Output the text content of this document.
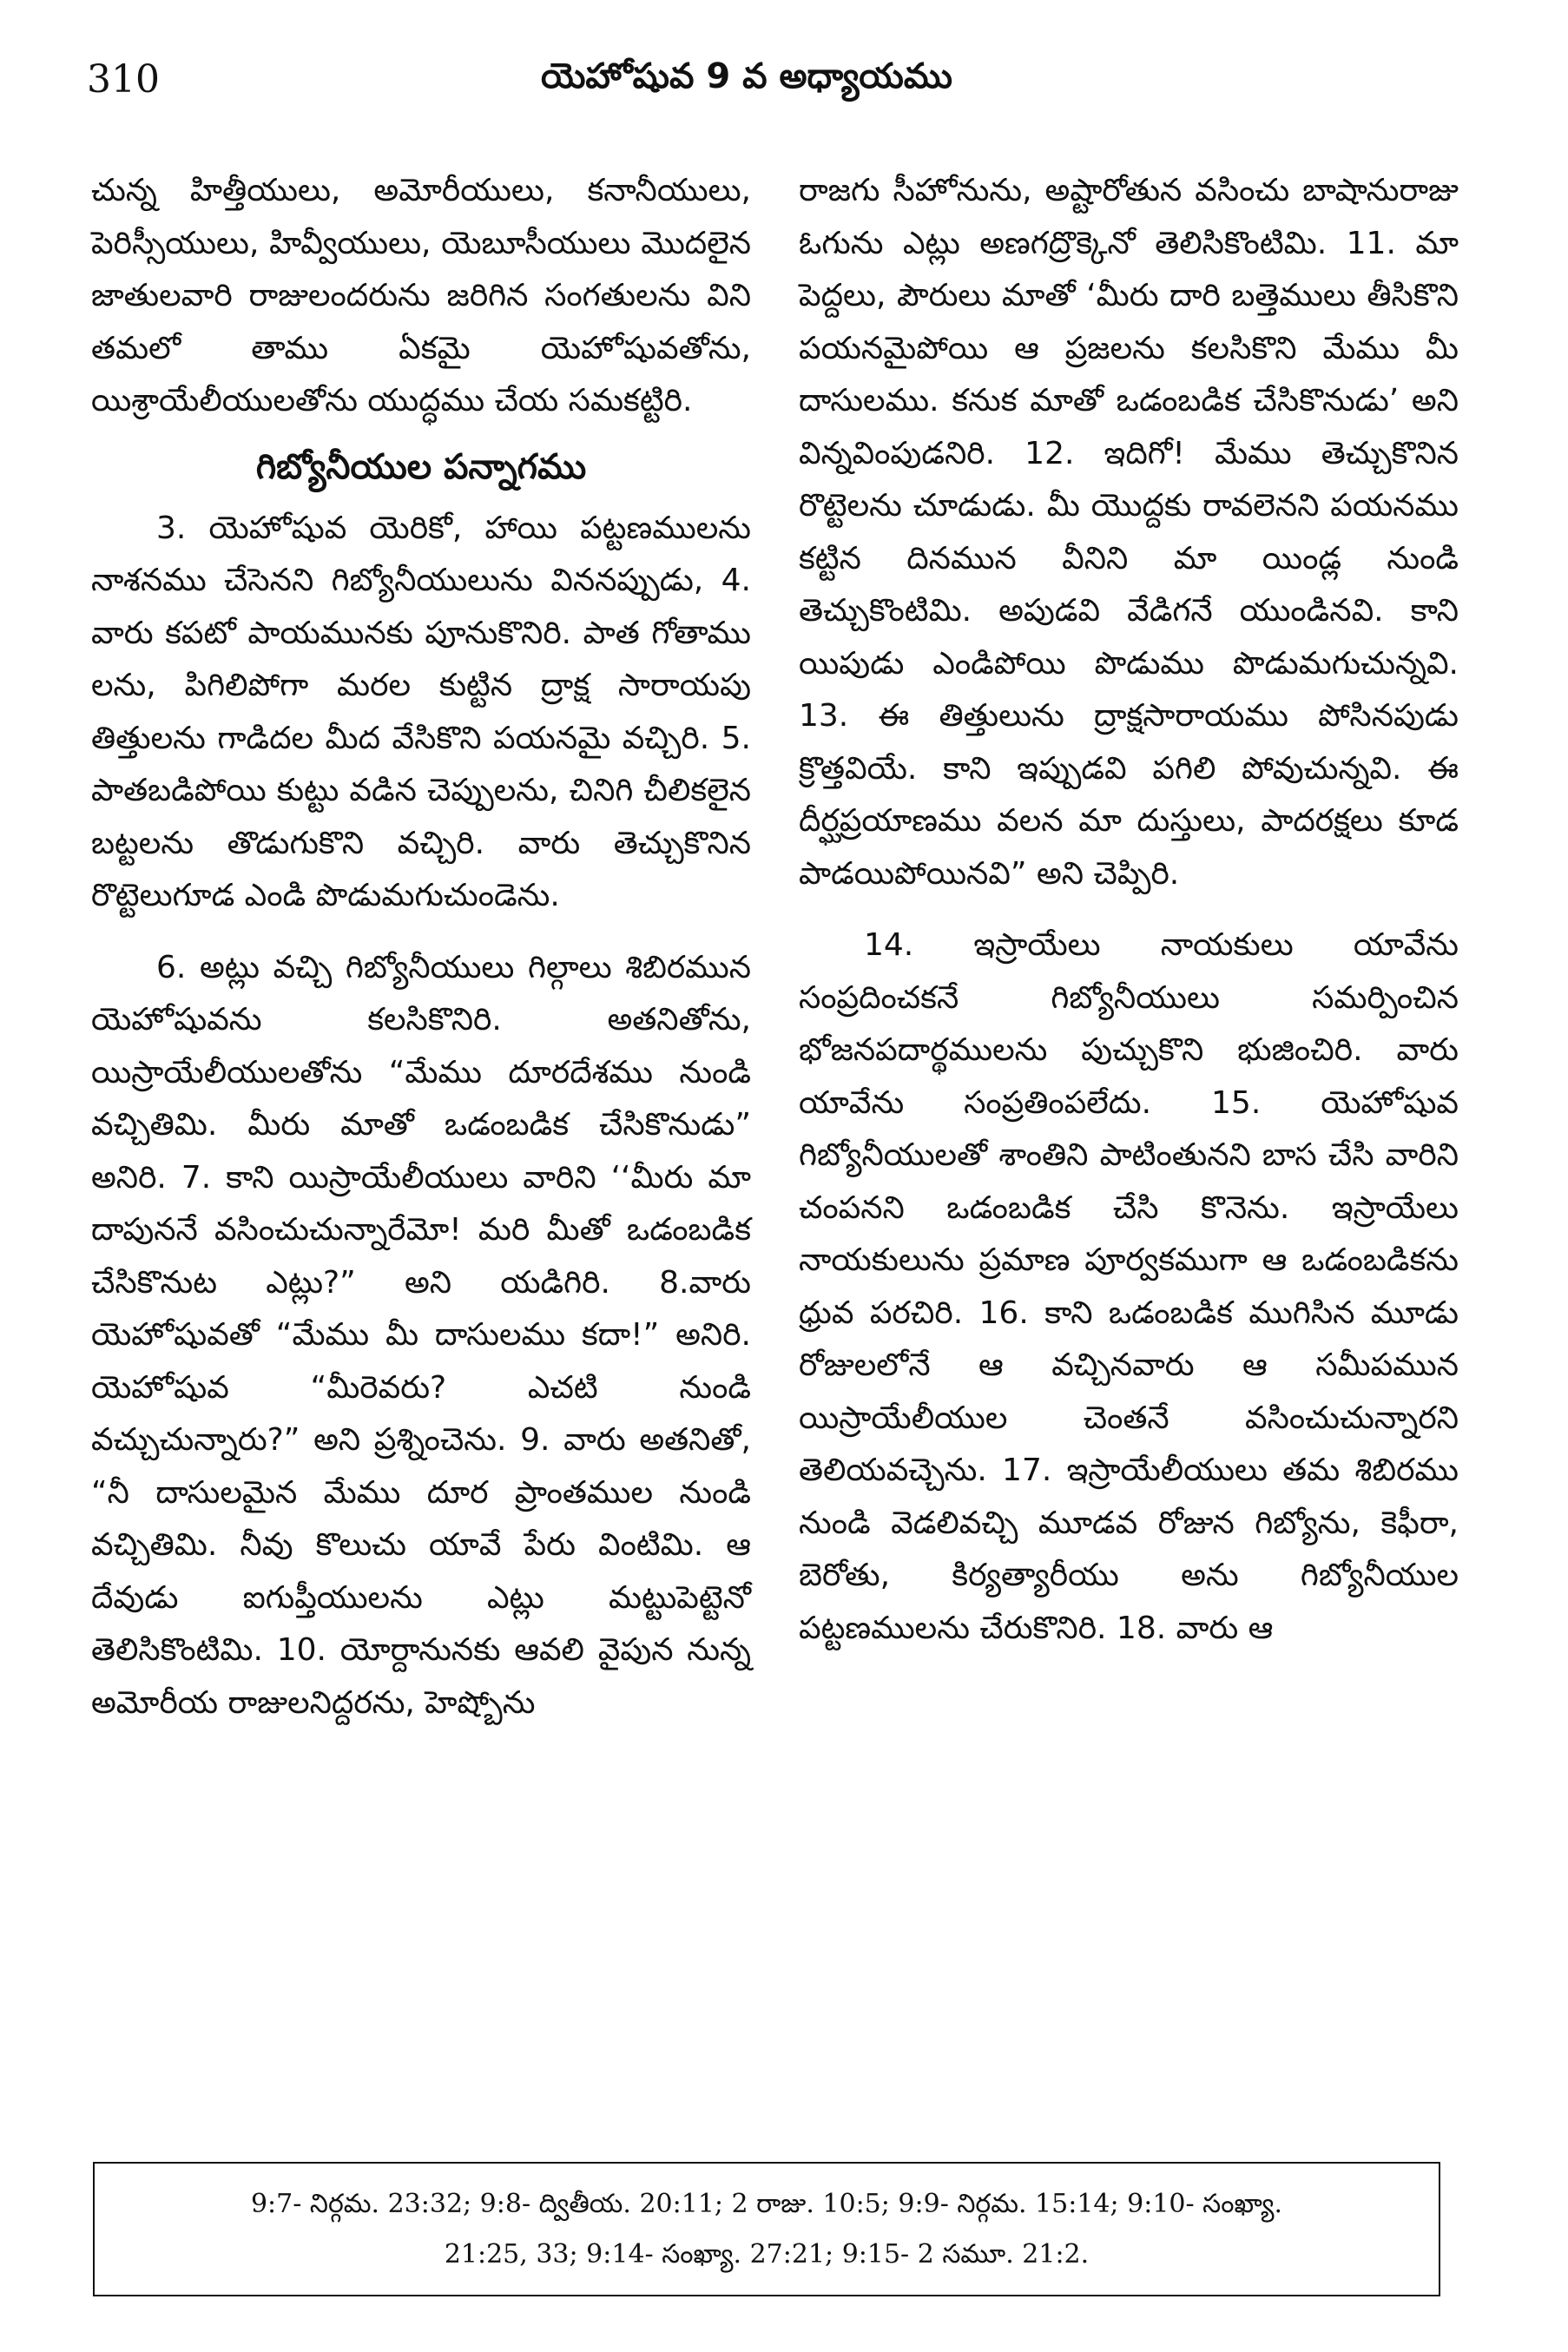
310	యెహోషువ 9 వ అధ్యాయము

చున్న హిత్తీయులు, అమోరీయులు, కనానీయులు, పెరిస్సీయులు, హివ్వీయులు, యెబూసీయులు మొదలైన జాతులవారి రాజులందరును జరిగిన సంగతులను విని తమలో తాము ఏకమై యెహోషువతోను, యిశ్రాయేలీయులతోను యుద్ధము చేయ సమకట్టిరి.

గిబ్యోనీయుల పన్నాగము

3. యెహోషువ యెరికో, హాయి పట్టణములను నాశనము చేసెనని గిబ్యోనీయులును విననప్పుడు, 4. వారు కపటో పాయమునకు పూనుకొనిరి. పాత గోతాము లను, పిగిలిపోగా మరల కుట్టిన ద్రాక్ష సారాయపు తిత్తులను గాడిదల మీద వేసికొని పయనమై వచ్చిరి. 5. పాతబడిపోయి కుట్టు వడిన చెప్పులను, చినిగి చీలికలైన బట్టలను తొడుగుకొని వచ్చిరి. వారు తెచ్చుకొనిన రొట్టెలుగూడ ఎండి పొడుమగుచుండెను.

6. అట్లు వచ్చి గిబ్యోనీయులు గిల్గాలు శిబిరమున యెహోషువను కలసికొనిరి. అతనితోను, యిస్రాయేలీయులతోను “మేము దూరదేశము నుండి వచ్చితిమి. మీరు మాతో ఒడంబడిక చేసికొనుడు” అనిరి. 7. కాని యిస్రాయేలీయులు వారిని ‘‘మీరు మా దాపుననే వసించుచున్నారేమో! మరి మీతో ఒడంబడిక చేసికొనుట ఎట్లు?” అని యడిగిరి. 8.వారు యెహోషువతో “మేము మీ దాసులము కదా!” అనిరి. యెహోషువ “మీరెవరు? ఎచటి నుండి వచ్చుచున్నారు?” అని ప్రశ్నించెను. 9. వారు అతనితో, “నీ దాసులమైన మేము దూర ప్రాంతముల నుండి వచ్చితిమి. నీవు కొలుచు యావే పేరు వింటిమి. ఆ దేవుడు ఐగుప్తీయులను ఎట్లు మట్టుపెట్టెనో తెలిసికొంటిమి. 10. యోర్దానునకు ఆవలి వైపున నున్న అమోరీయ రాజులనిద్దరను, హెష్బోను

రాజగు సీహోనును, అష్టారోతున వసించు బాషానురాజు ఓగును ఎట్లు అణగద్రొక్కెనో తెలిసికొంటిమి. 11. మా పెద్దలు, పౌరులు మాతో ‘మీరు దారి బత్తెములు తీసికొని పయనమైపోయి ఆ ప్రజలను కలసికొని మేము మీ దాసులము. కనుక మాతో ఒడంబడిక చేసికొనుడు’ అని విన్నవింపుడనిరి. 12. ఇదిగో! మేము తెచ్చుకొనిన రొట్టెలను చూడుడు. మీ యొద్దకు రావలెనని పయనము కట్టిన దినమున వీనిని మా యిండ్ల నుండి తెచ్చుకొంటిమి. అపుడవి వేడిగనే యుండినవి. కాని యిపుడు ఎండిపోయి పొడుము పొడుమగుచున్నవి. 13. ఈ తిత్తులును ద్రాక్షసారాయము పోసినపుడు క్రొత్తవియే. కాని ఇప్పుడవి పగిలి పోవుచున్నవి. ఈ దీర్ఘప్రయాణము వలన మా దుస్తులు, పాదరక్షలు కూడ పాడయిపోయినవి” అని చెప్పిరి.

14. ఇస్రాయేలు నాయకులు యావేను సంప్రదించకనే గిబ్యోనీయులు సమర్పించిన భోజనపదార్థములను పుచ్చుకొని భుజించిరి. వారు యావేను సంప్రతింపలేదు. 15. యెహోషువ గిబ్యోనీయులతో శాంతిని పాటింతునని బాస చేసి వారిని చంపనని ఒడంబడిక చేసి కొనెను. ఇస్రాయేలు నాయకులును ప్రమాణ పూర్వకముగా ఆ ఒడంబడికను ధ్రువ పరచిరి. 16. కాని ఒడంబడిక ముగిసిన మూడు రోజులలోనే ఆ వచ్చినవారు ఆ సమీపమున యిస్రాయేలీయుల చెంతనే వసించుచున్నారని తెలియవచ్చెను. 17. ఇస్రాయేలీయులు తమ శిబిరము నుండి వెడలివచ్చి మూడవ రోజున గిబ్యోను, కెఫీరా, బెరోతు, కిర్యత్యారీయు అను గిబ్యోనీయుల పట్టణములను చేరుకొనిరి. 18. వారు ఆ

9:7- నిర్గమ. 23:32; 9:8- ద్వితీయ. 20:11; 2 రాజు. 10:5; 9:9- నిర్గమ. 15:14; 9:10- సంఖ్యా.
21:25, 33; 9:14- సంఖ్యా. 27:21; 9:15- 2 సమూ. 21:2.
